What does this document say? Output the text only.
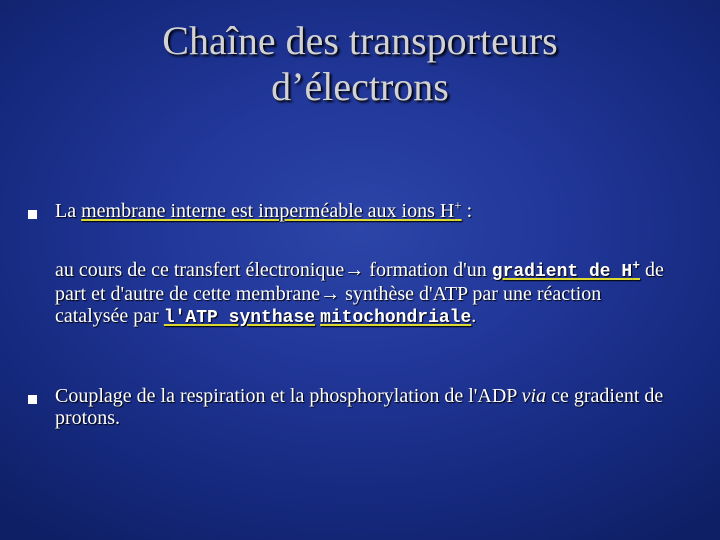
Chaîne des transporteurs
d’électrons
La membrane interne est imperméable aux ions H+ :
au cours de ce transfert électronique→ formation d'un gradient de H+ de part et d'autre de cette membrane→ synthèse d'ATP par une réaction catalysée par l'ATP synthase mitochondriale.
Couplage de la respiration et la phosphorylation de l'ADP via ce gradient de protons.
